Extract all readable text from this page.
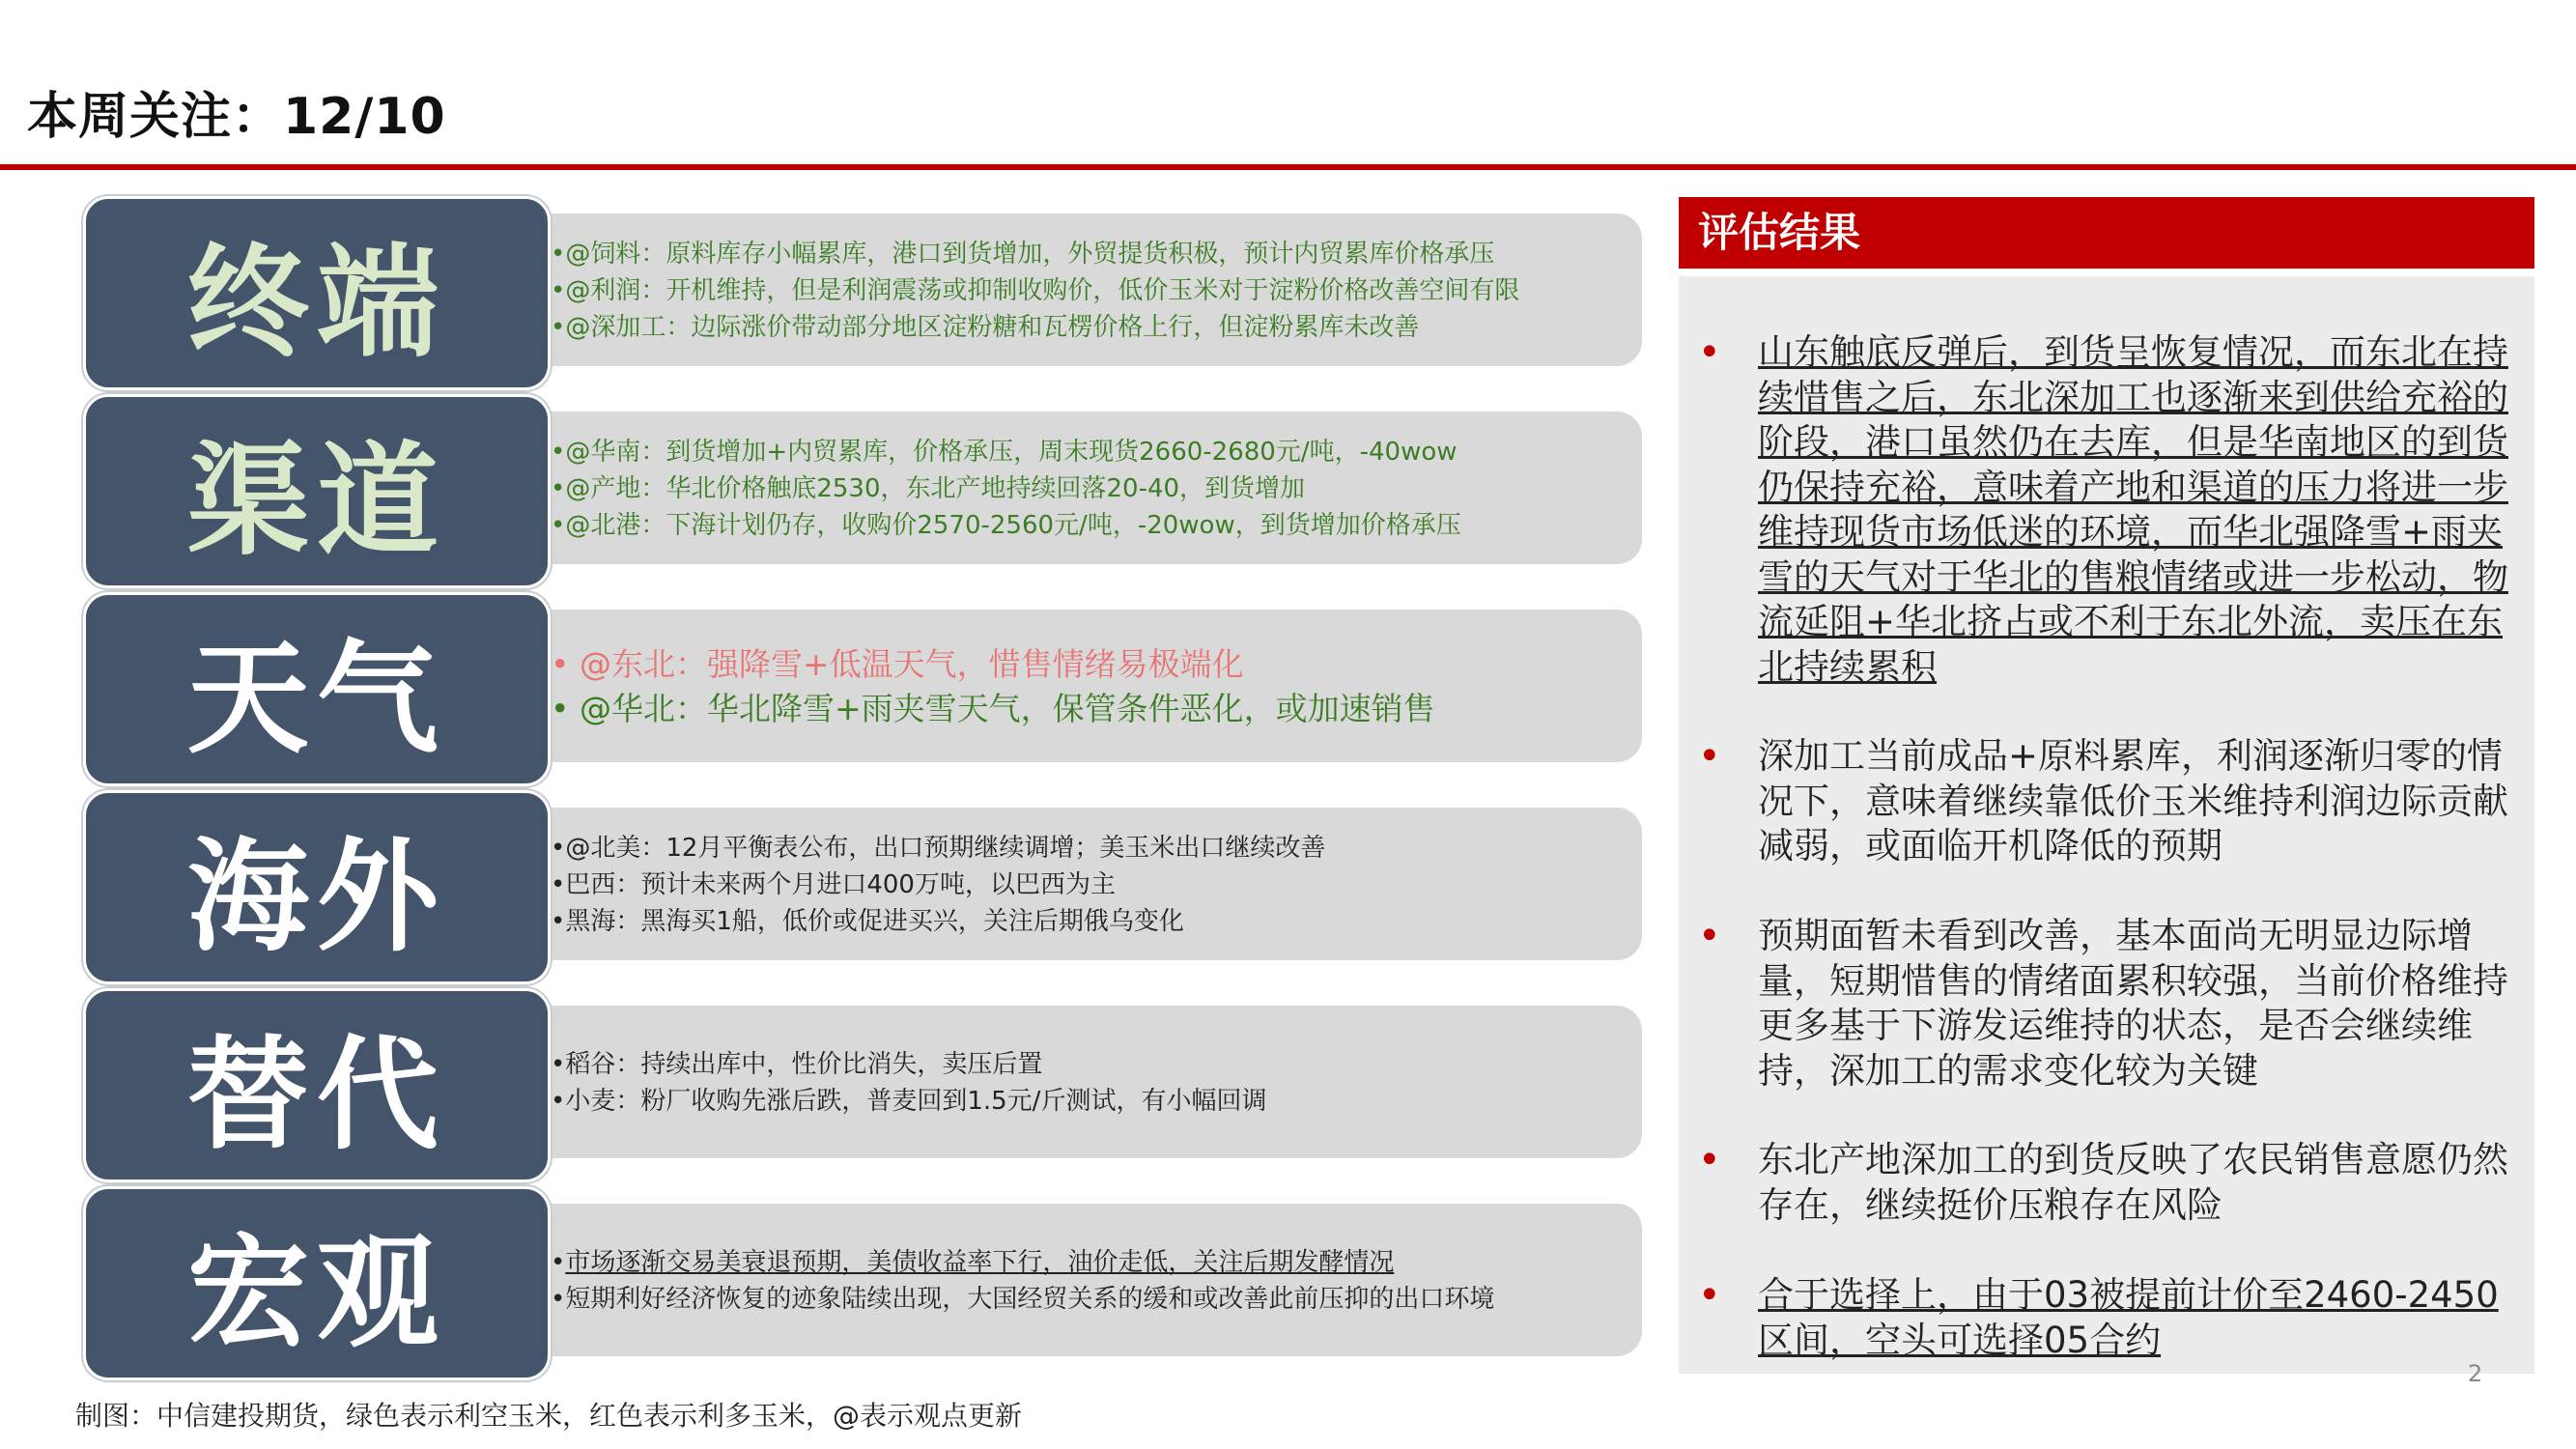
本周关注：12/10
终端	•@饲料：原料库存小幅累库，港口到货增加，外贸提货积极，预计内贸累库价格承压
•@利润：开机维持，但是利润震荡或抑制收购价，低价玉米对于淀粉价格改善空间有限
•@深加工：边际涨价带动部分地区淀粉糖和瓦楞价格上行，但淀粉累库未改善
渠道	•@华南：到货增加+内贸累库，价格承压，周末现货2660-2680元/吨，-40wow
•@产地：华北价格触底2530，东北产地持续回落20-40，到货增加
•@北港：下海计划仍存，收购价2570-2560元/吨，-20wow，到货增加价格承压
天气	• @东北：强降雪+低温天气，惜售情绪易极端化
• @华北：华北降雪+雨夹雪天气，保管条件恶化，或加速销售
海外	•@北美：12月平衡表公布，出口预期继续调增；美玉米出口继续改善
•巴西：预计未来两个月进口400万吨，以巴西为主
•黑海：黑海买1船，低价或促进买兴，关注后期俄乌变化
替代	•稻谷：持续出库中，性价比消失，卖压后置
•小麦：粉厂收购先涨后跌，普麦回到1.5元/斤测试，有小幅回调
宏观	•市场逐渐交易美衰退预期，美债收益率下行，油价走低，关注后期发酵情况
•短期利好经济恢复的迹象陆续出现，大国经贸关系的缓和或改善此前压抑的出口环境
评估结果
• 山东触底反弹后，到货呈恢复情况，而东北在持续惜售之后，东北深加工也逐渐来到供给充裕的阶段，港口虽然仍在去库，但是华南地区的到货仍保持充裕，意味着产地和渠道的压力将进一步维持现货市场低迷的环境，而华北强降雪+雨夹雪的天气对于华北的售粮情绪或进一步松动，物流延阻+华北挤占或不利于东北外流，卖压在东北持续累积
• 深加工当前成品+原料累库，利润逐渐归零的情况下，意味着继续靠低价玉米维持利润边际贡献减弱，或面临开机降低的预期
• 预期面暂未看到改善，基本面尚无明显边际增量，短期惜售的情绪面累积较强，当前价格维持更多基于下游发运维持的状态，是否会继续维持，深加工的需求变化较为关键
• 东北产地深加工的到货反映了农民销售意愿仍然存在，继续挺价压粮存在风险
• 合于选择上，由于03被提前计价至2460-2450区间，空头可选择05合约
2
制图：中信建投期货，绿色表示利空玉米，红色表示利多玉米，@表示观点更新
